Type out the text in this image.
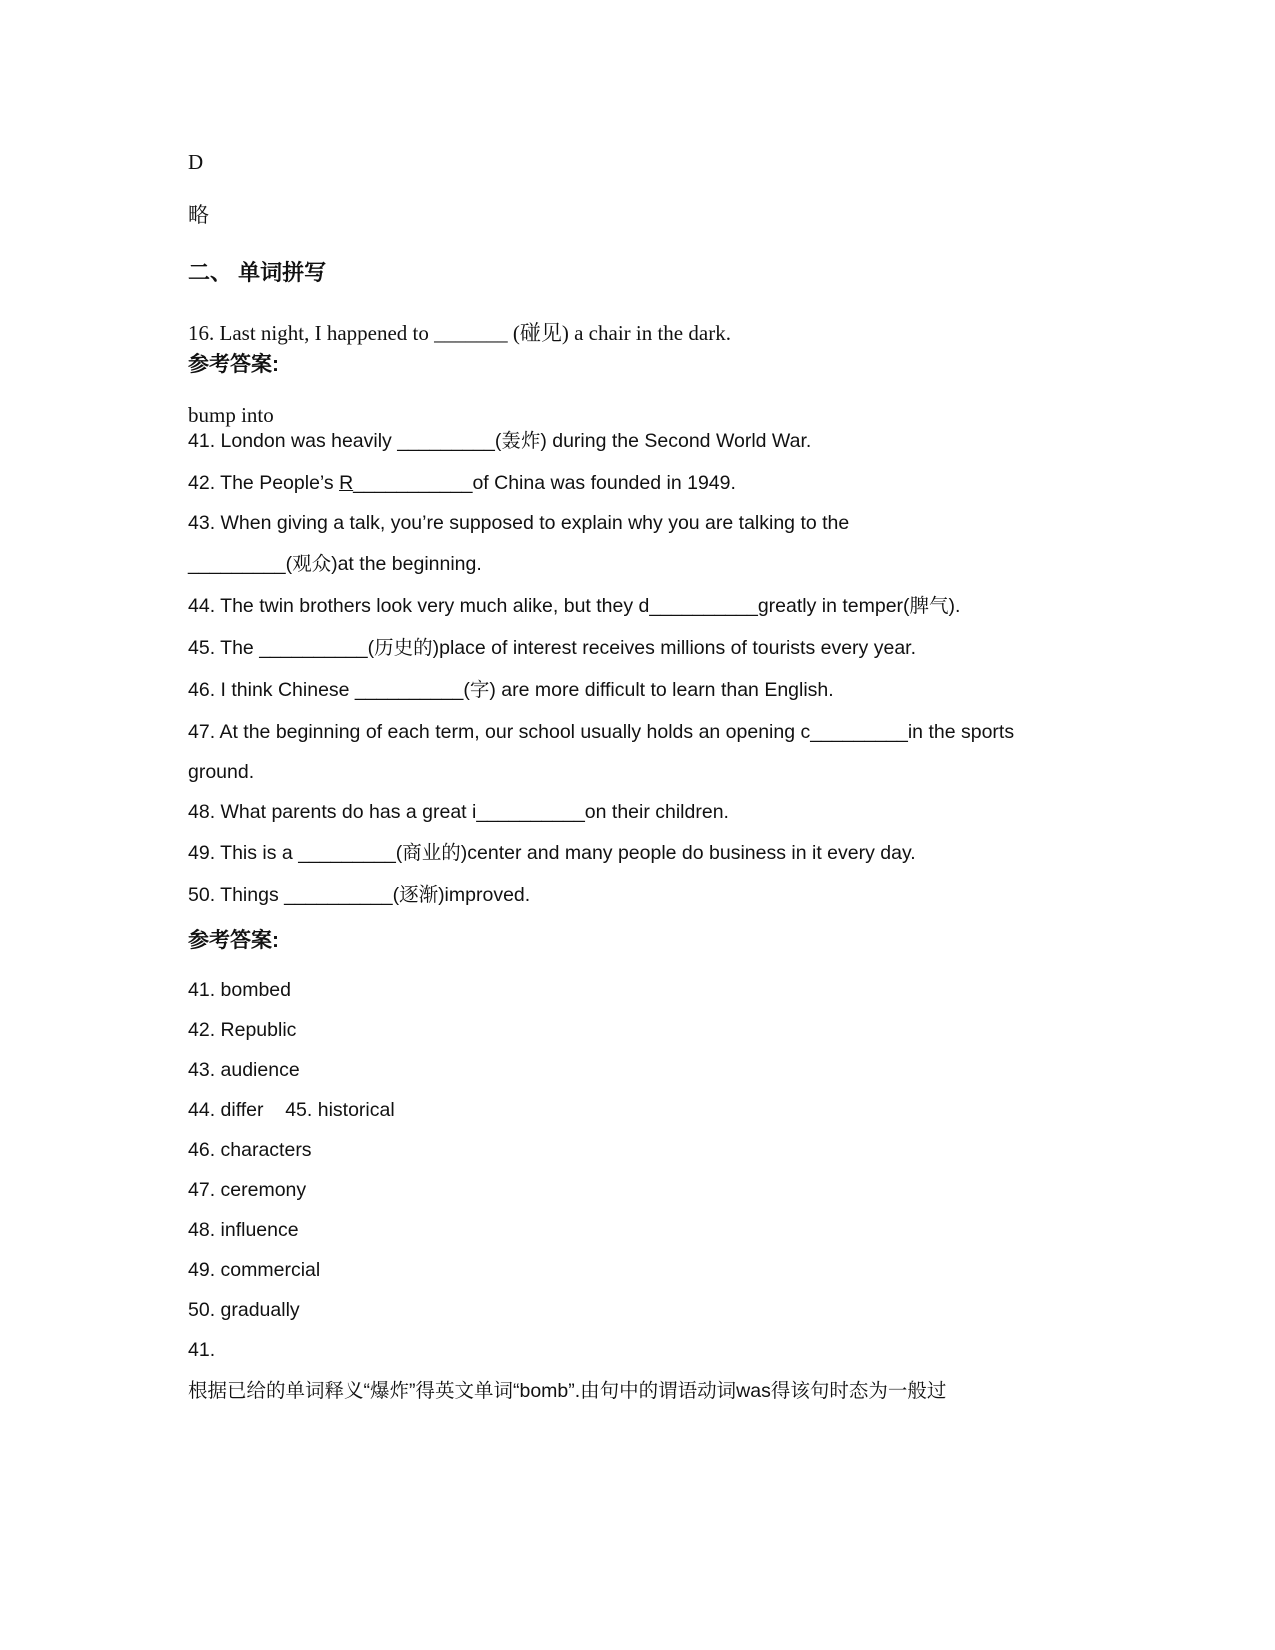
D
略
二、 单词拼写
16. Last night, I happened to _______ (碰见) a chair in the dark.
参考答案:
bump into
41. London was heavily _________(轰炸) during the Second World War.
42. The People’s R___________of China was founded in 1949.
43. When giving a talk, you’re supposed to explain why you are talking to the
_________(观众)at the beginning.
44. The twin brothers look very much alike, but they d__________greatly in temper(脾气).
45. The __________(历史的)place of interest receives millions of tourists every year.
46. I think Chinese __________(字) are more difficult to learn than English.
47. At the beginning of each term, our school usually holds an opening c_________in the sports
ground.
48. What parents do has a great i__________on their children.
49. This is a _________(商业的)center and many people do business in it every day.
50. Things __________(逐渐)improved.
参考答案:
41. bombed
42. Republic
43. audience
44. differ    45. historical
46. characters
47. ceremony
48. influence
49. commercial
50. gradually
41.
根据已给的单词释义“爆炸”得英文单词“bomb”.由句中的谓语动词was得该句时态为一般过
